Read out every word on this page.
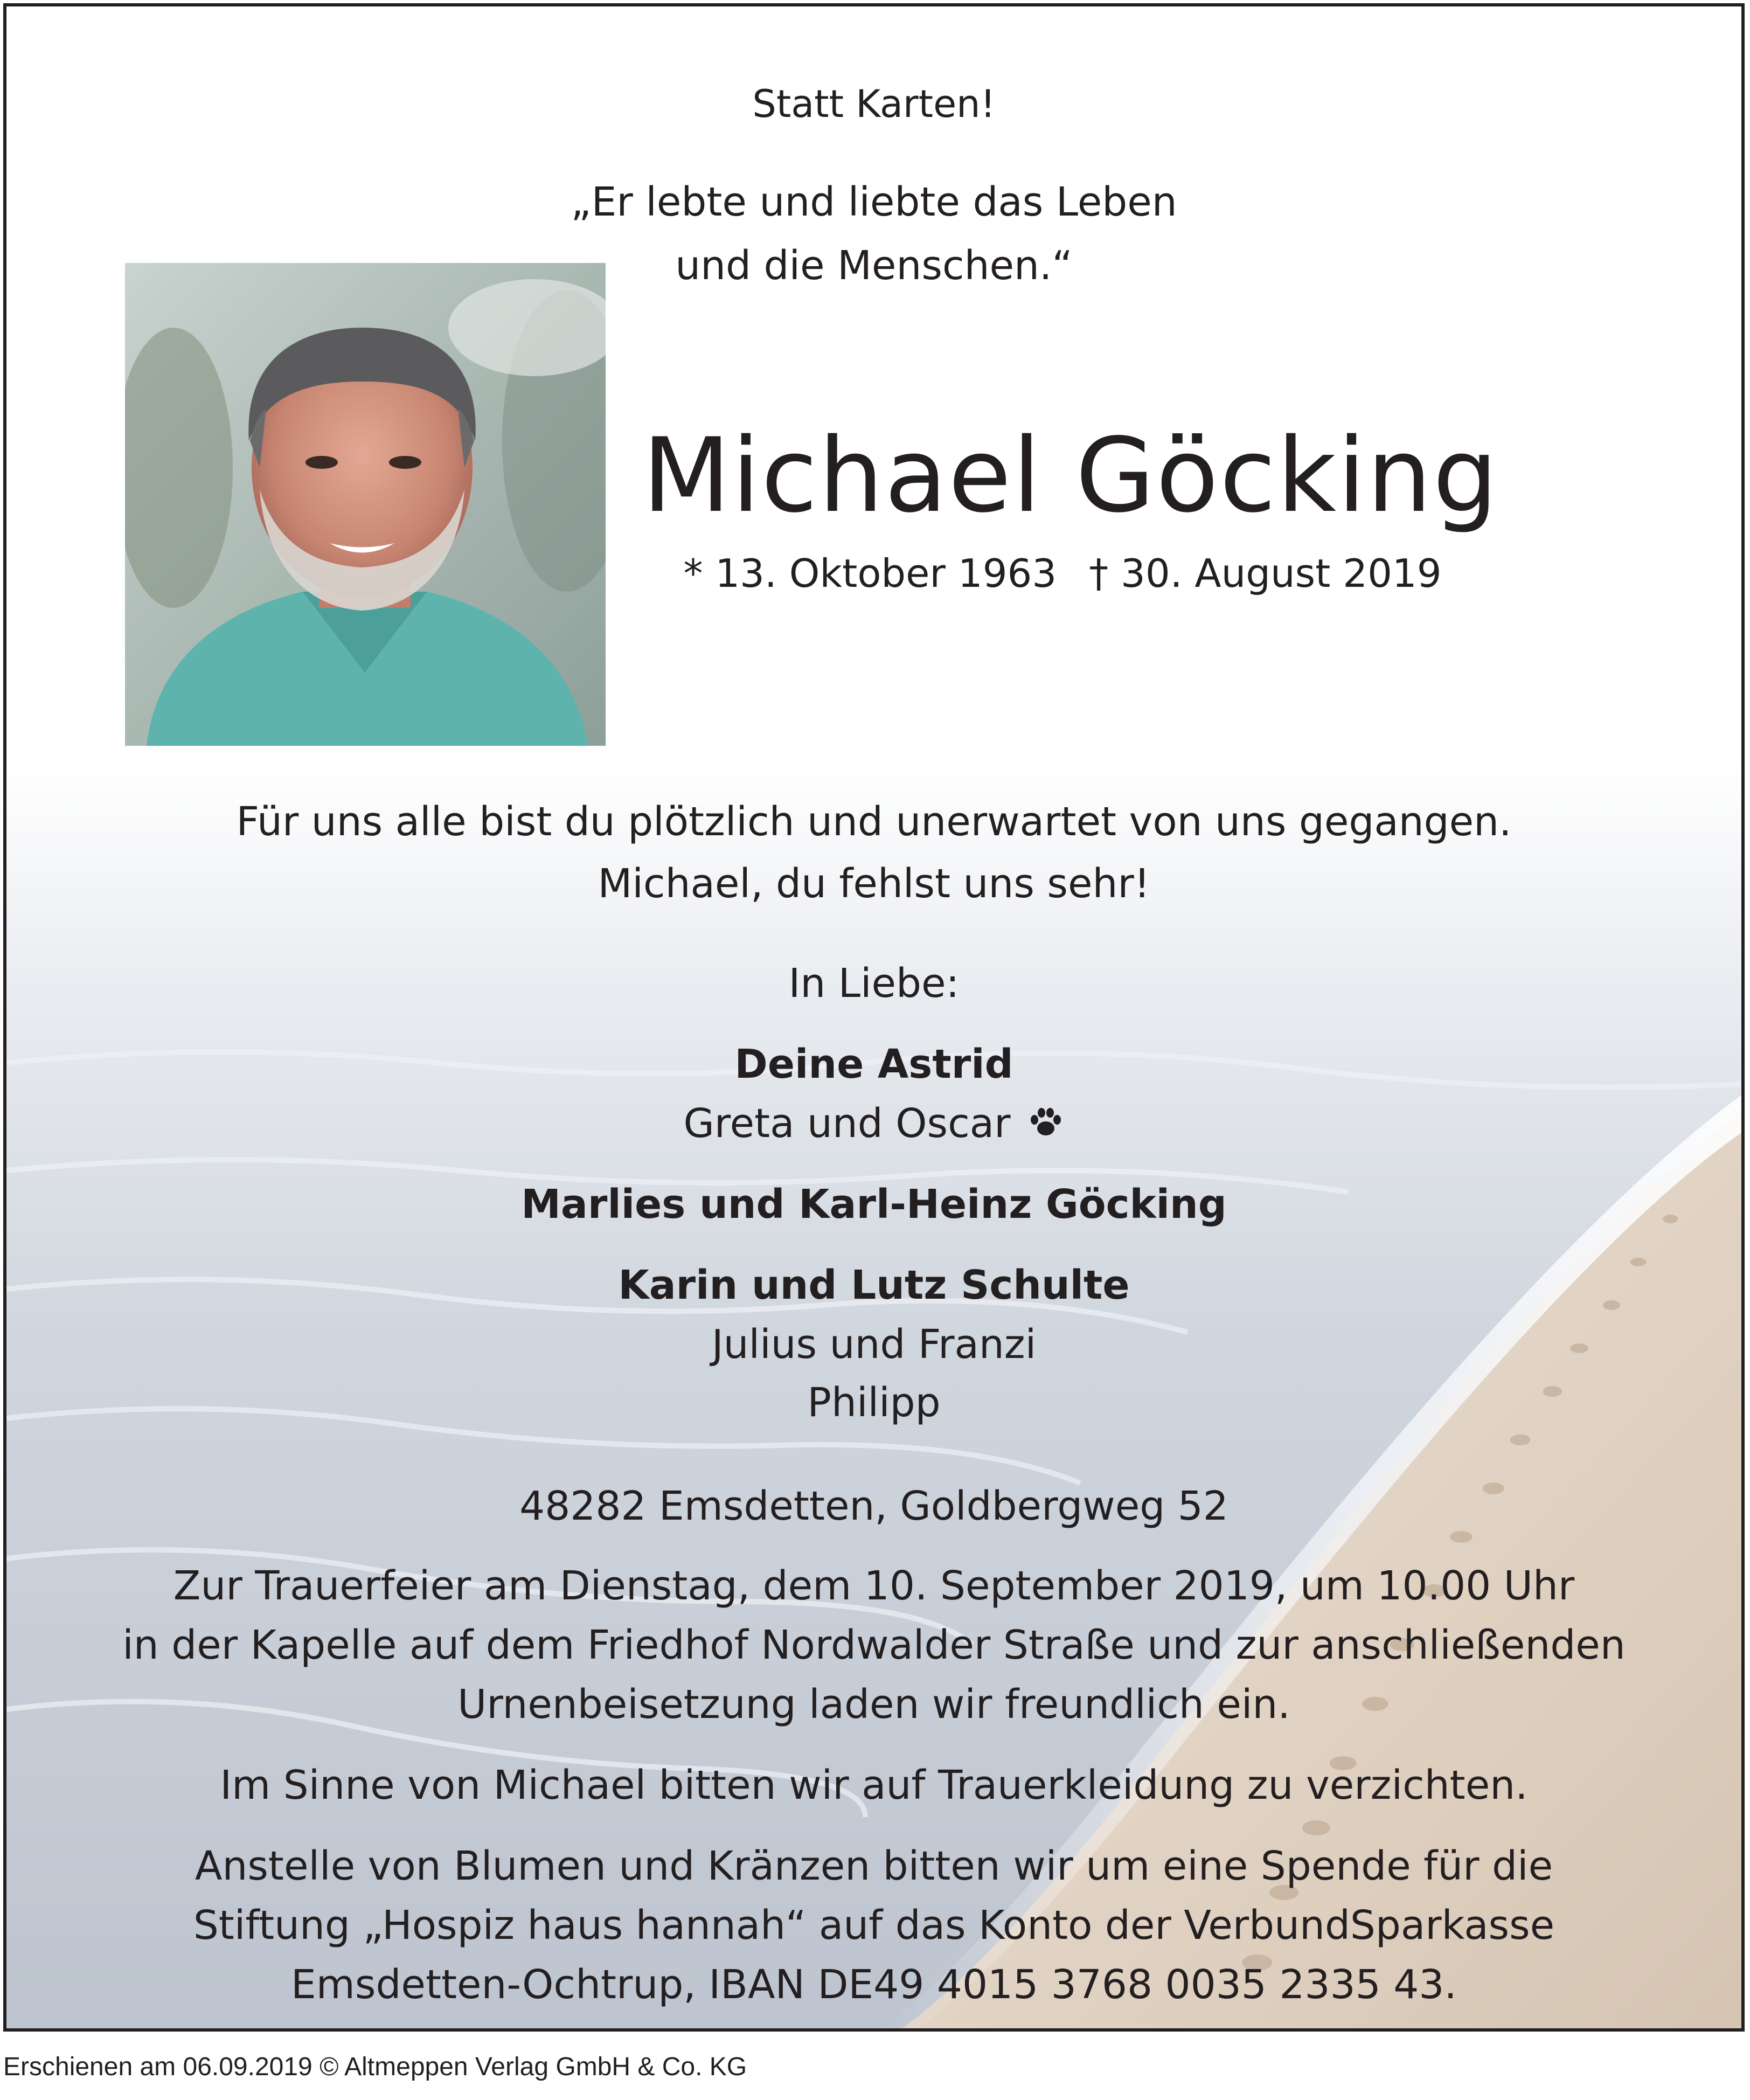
Statt Karten!
„Er lebte und liebte das Leben
und die Menschen.“
Michael Göcking
* 13. Oktober 1963 † 30. August 2019
Für uns alle bist du plötzlich und unerwartet von uns gegangen.
Michael, du fehlst uns sehr!
In Liebe:
Deine Astrid
Greta und Oscar
Marlies und Karl-Heinz Göcking
Karin und Lutz Schulte
Julius und Franzi
Philipp
48282 Emsdetten, Goldbergweg 52
Zur Trauerfeier am Dienstag, dem 10. September 2019, um 10.00 Uhr
in der Kapelle auf dem Friedhof Nordwalder Straße und zur anschließenden
Urnenbeisetzung laden wir freundlich ein.
Im Sinne von Michael bitten wir auf Trauerkleidung zu verzichten.
Anstelle von Blumen und Kränzen bitten wir um eine Spende für die
Stiftung „Hospiz haus hannah“ auf das Konto der VerbundSparkasse
Emsdetten-Ochtrup, IBAN DE49 4015 3768 0035 2335 43.
Erschienen am 06.09.2019 © Altmeppen Verlag GmbH & Co. KG
